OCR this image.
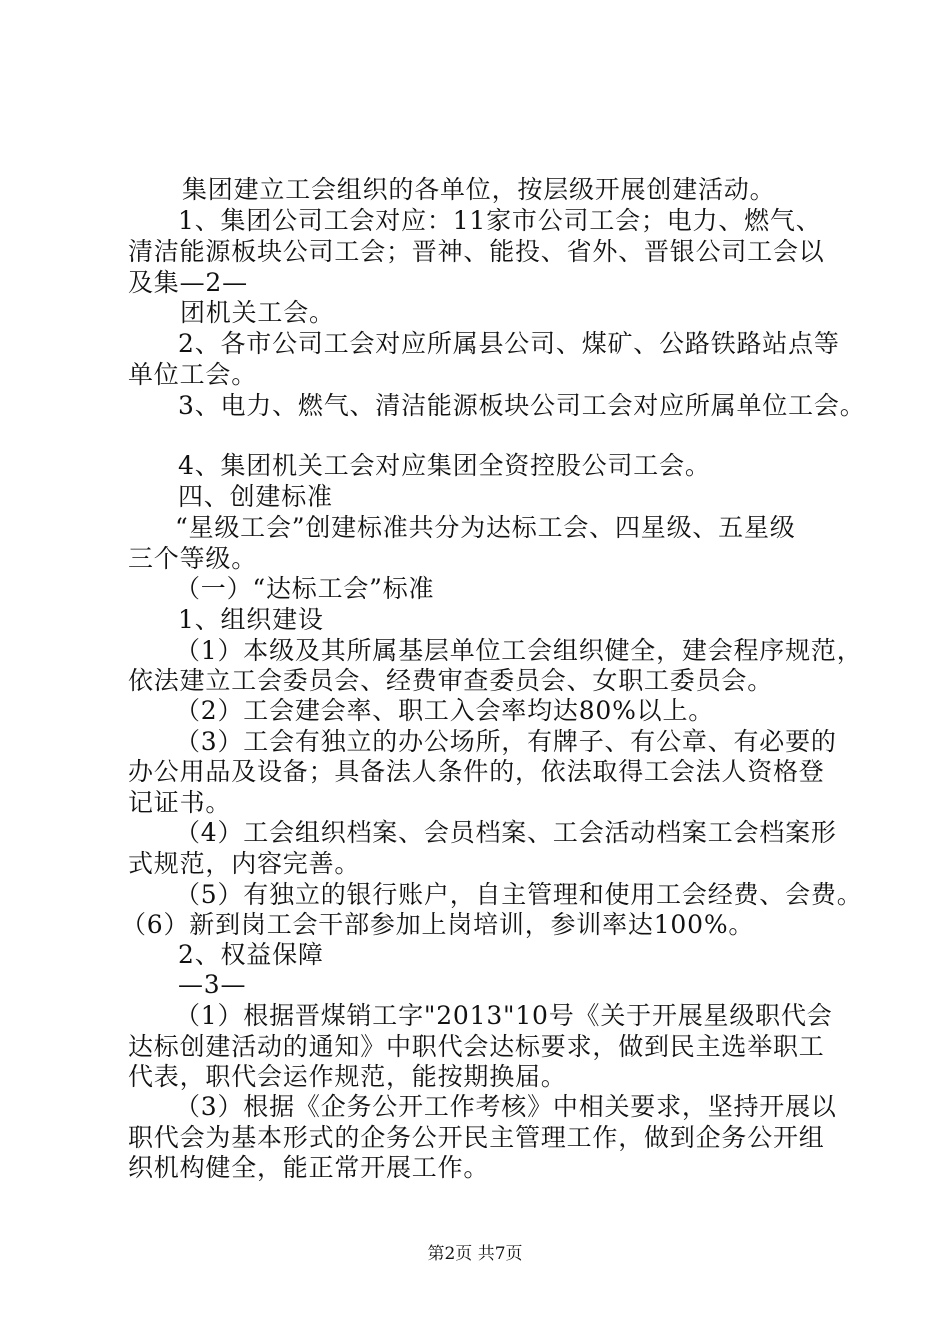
集团建立工会组织的各单位，按层级开展创建活动。
1、集团公司工会对应：11家市公司工会；电力、燃气、
清洁能源板块公司工会；晋神、能投、省外、晋银公司工会以
及集—2—
团机关工会。
2、各市公司工会对应所属县公司、煤矿、公路铁路站点等
单位工会。
3、电力、燃气、清洁能源板块公司工会对应所属单位工会。
4、集团机关工会对应集团全资控股公司工会。
四、创建标准
“星级工会”创建标准共分为达标工会、四星级、五星级
三个等级。
（一）“达标工会”标准
1、组织建设
（1）本级及其所属基层单位工会组织健全，建会程序规范，
依法建立工会委员会、经费审查委员会、女职工委员会。
（2）工会建会率、职工入会率均达80%以上。
（3）工会有独立的办公场所，有牌子、有公章、有必要的
办公用品及设备；具备法人条件的，依法取得工会法人资格登
记证书。
（4）工会组织档案、会员档案、工会活动档案工会档案形
式规范，内容完善。
（5）有独立的银行账户，自主管理和使用工会经费、会费。
（6）新到岗工会干部参加上岗培训，参训率达100%。
2、权益保障
—3—
（1）根据晋煤销工字"2013"10号《关于开展星级职代会
达标创建活动的通知》中职代会达标要求，做到民主选举职工
代表，职代会运作规范，能按期换届。
（3）根据《企务公开工作考核》中相关要求，坚持开展以
职代会为基本形式的企务公开民主管理工作，做到企务公开组
织机构健全，能正常开展工作。
第2页 共7页
